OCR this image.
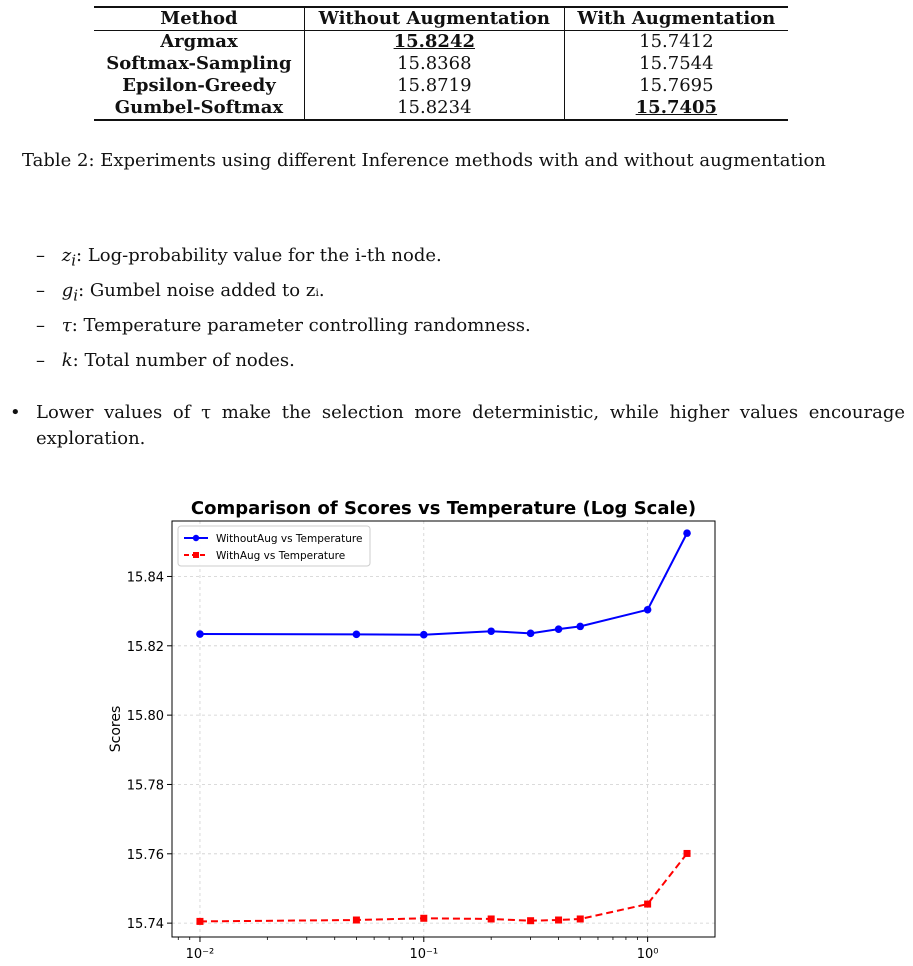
Method	Without Augmentation	With Augmentation
Argmax	15.8242	15.7412
Softmax-Sampling	15.8368	15.7544
Epsilon-Greedy	15.8719	15.7695
Gumbel-Softmax	15.8234	15.7405
Table 2: Experiments using different Inference methods with and without augmentation
– $z_i$: Log-probability value for the i-th node.
– $g_i$: Gumbel noise added to zᵢ.
– τ: Temperature parameter controlling randomness.
– k: Total number of nodes.
• Lower values of τ make the selection more deterministic, while higher values encourage exploration.
Comparison of Scores vs Temperature (Log Scale)
15.74
15.76
15.78
15.80
15.82
15.84
10⁻²	10⁻¹	10⁰
Scores
WithoutAug vs Temperature
WithAug vs Temperature
